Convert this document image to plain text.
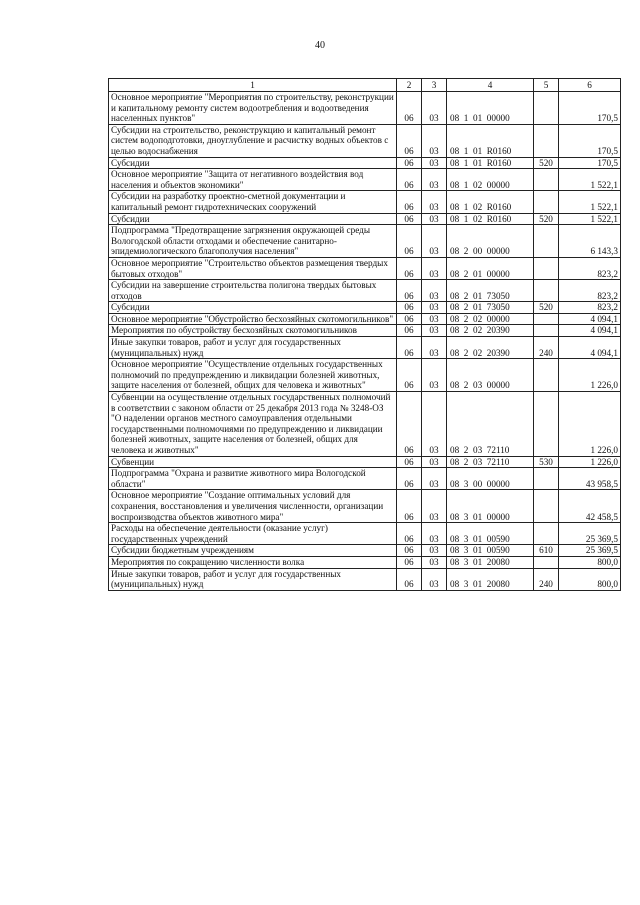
40
1	2	3	4	5	6
Основное мероприятие "Мероприятия по строительству, реконструкции и капитальному ремонту систем водоотребления и водоотведения населенных пунктов"	06	03	08  1  01  00000		170,5
Субсидии на строительство, реконструкцию и капитальный ремонт систем водоподготовки, дноуглубление и расчистку водных объектов с целью водоснабжения	06	03	08  1  01  R0160		170,5
Субсидии	06	03	08  1  01  R0160	520	170,5
Основное мероприятие "Защита от негативного воздействия вод населения и объектов экономики"	06	03	08  1  02  00000		1 522,1
Субсидии на разработку проектно-сметной документации и капитальный ремонт гидротехнических сооружений	06	03	08  1  02  R0160		1 522,1
Субсидии	06	03	08  1  02  R0160	520	1 522,1
Подпрограмма "Предотвращение загрязнения окружающей среды Вологодской области отходами и обеспечение санитарно-эпидемиологического благополучия населения"	06	03	08  2  00  00000		6 143,3
Основное мероприятие "Строительство объектов размещения твердых бытовых отходов"	06	03	08  2  01  00000		823,2
Субсидии на завершение строительства полигона твердых бытовых отходов	06	03	08  2  01  73050		823,2
Субсидии	06	03	08  2  01  73050	520	823,2
Основное мероприятие "Обустройство бесхозяйных скотомогильников"	06	03	08  2  02  00000		4 094,1
Мероприятия по обустройству бесхозяйных скотомогильников	06	03	08  2  02  20390		4 094,1
Иные закупки товаров, работ и услуг для государственных (муниципальных) нужд	06	03	08  2  02  20390	240	4 094,1
Основное мероприятие "Осуществление отдельных государственных полномочий по предупреждению и ликвидации болезней животных, защите населения от болезней, общих для человека и животных"	06	03	08  2  03  00000		1 226,0
Субвенции на осуществление отдельных государственных полномочий в соответствии с законом области от 25 декабря 2013 года № 3248-ОЗ "О наделении органов местного самоуправления отдельными государственными полномочиями по предупреждению и ликвидации болезней животных, защите населения от болезней, общих для человека и животных"	06	03	08  2  03  72110		1 226,0
Субвенции	06	03	08  2  03  72110	530	1 226,0
Подпрограмма "Охрана и развитие животного мира Вологодской области"	06	03	08  3  00  00000		43 958,5
Основное мероприятие "Создание оптимальных условий для сохранения, восстановления и увеличения численности, организации воспроизводства объектов животного мира"	06	03	08  3  01  00000		42 458,5
Расходы на обеспечение деятельности (оказание услуг) государственных учреждений	06	03	08  3  01  00590		25 369,5
Субсидии бюджетным учреждениям	06	03	08  3  01  00590	610	25 369,5
Мероприятия по сокращению численности волка	06	03	08  3  01  20080		800,0
Иные закупки товаров, работ и услуг для государственных (муниципальных) нужд	06	03	08  3  01  20080	240	800,0
